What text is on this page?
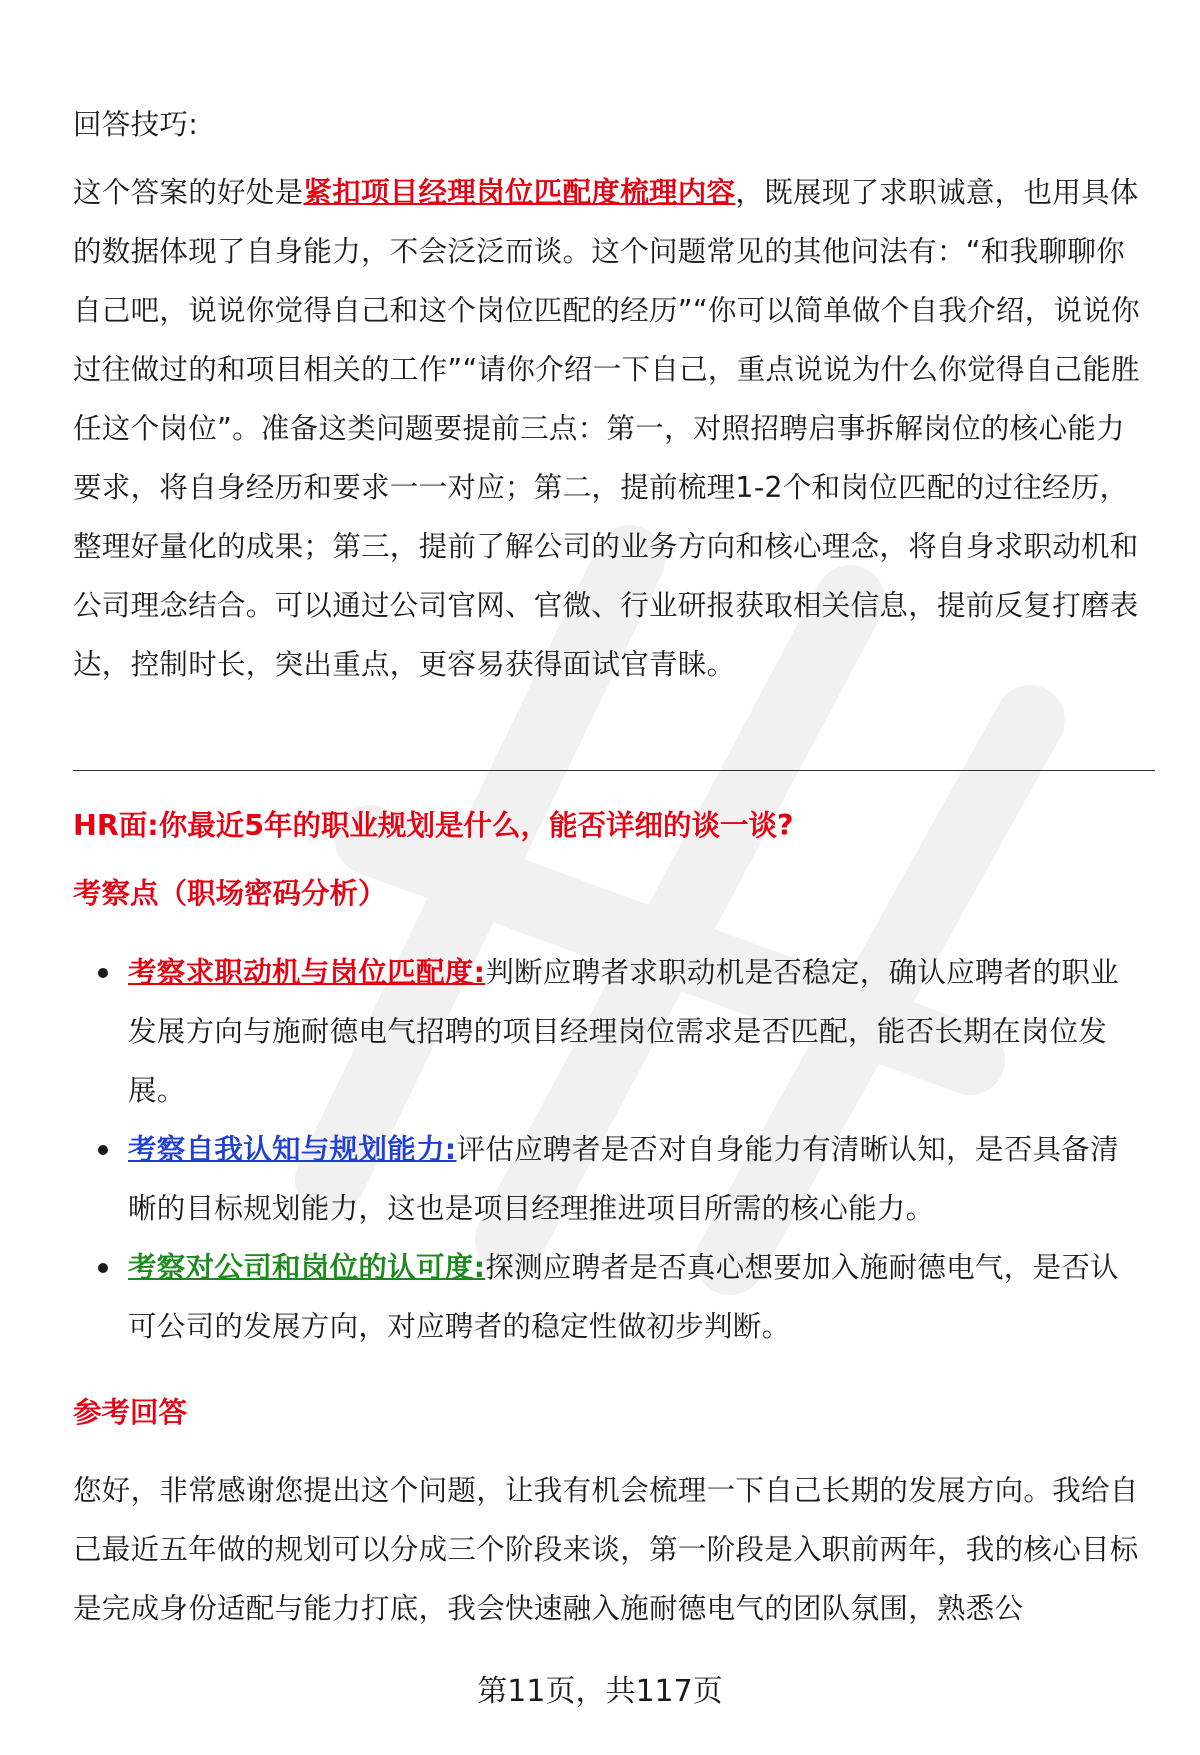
回答技巧:

这个答案的好处是紧扣项目经理岗位匹配度梳理内容，既展现了求职诚意，也用具体的数据体现了自身能力，不会泛泛而谈。这个问题常见的其他问法有：“和我聊聊你自己吧，说说你觉得自己和这个岗位匹配的经历”“你可以简单做个自我介绍，说说你过往做过的和项目相关的工作”“请你介绍一下自己，重点说说为什么你觉得自己能胜任这个岗位”。准备这类问题要提前三点：第一，对照招聘启事拆解岗位的核心能力要求，将自身经历和要求一一对应；第二，提前梳理1-2个和岗位匹配的过往经历，整理好量化的成果；第三，提前了解公司的业务方向和核心理念，将自身求职动机和公司理念结合。可以通过公司官网、官微、行业研报获取相关信息，提前反复打磨表达，控制时长，突出重点，更容易获得面试官青睐。

HR面:你最近5年的职业规划是什么，能否详细的谈一谈?
考察点（职场密码分析）
考察求职动机与岗位匹配度:判断应聘者求职动机是否稳定，确认应聘者的职业发展方向与施耐德电气招聘的项目经理岗位需求是否匹配，能否长期在岗位发展。
考察自我认知与规划能力:评估应聘者是否对自身能力有清晰认知，是否具备清晰的目标规划能力，这也是项目经理推进项目所需的核心能力。
考察对公司和岗位的认可度:探测应聘者是否真心想要加入施耐德电气，是否认可公司的发展方向，对应聘者的稳定性做初步判断。
参考回答

您好，非常感谢您提出这个问题，让我有机会梳理一下自己长期的发展方向。我给自己最近五年做的规划可以分成三个阶段来谈，第一阶段是入职前两年，我的核心目标是完成身份适配与能力打底，我会快速融入施耐德电气的团队氛围，熟悉公

第11页，共117页
